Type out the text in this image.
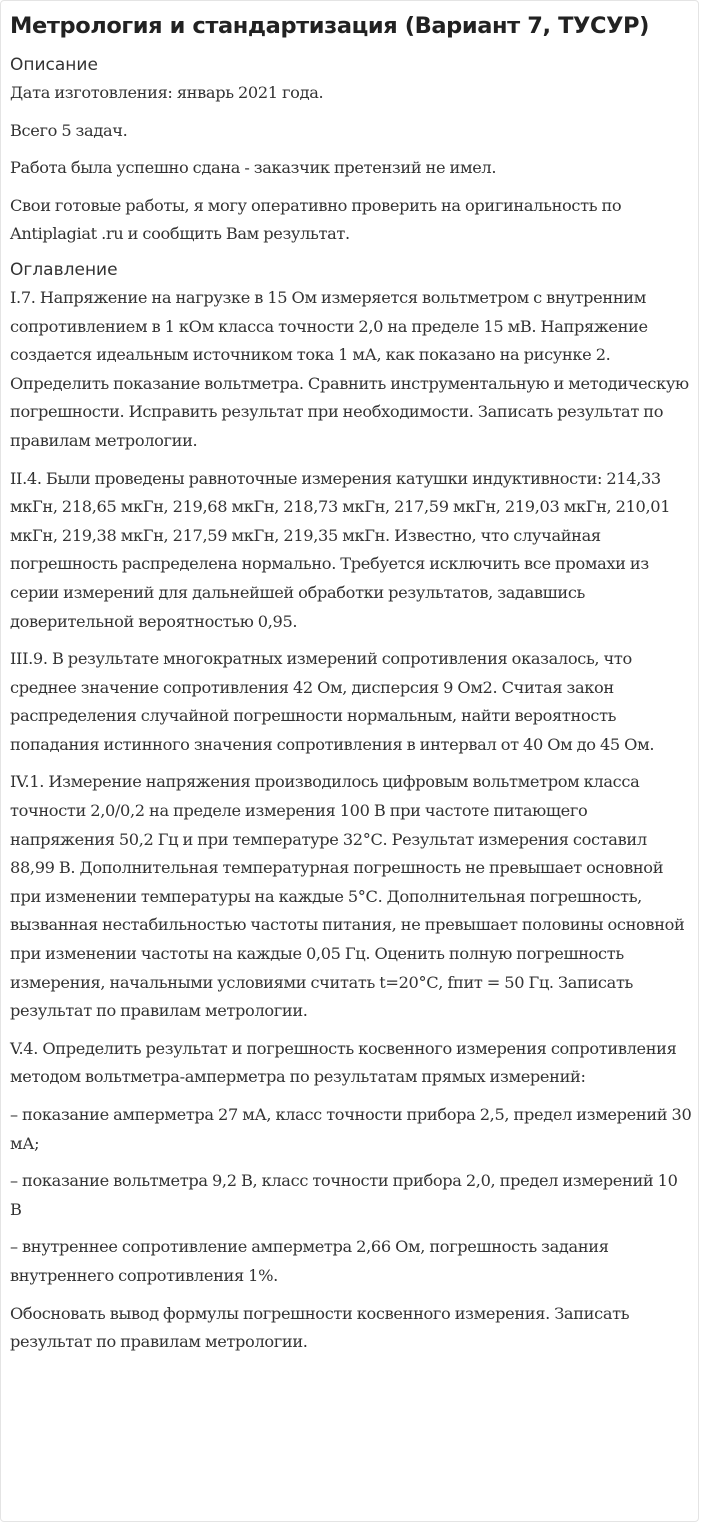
Метрология и стандартизация (Вариант 7, ТУСУР)
Описание

Дата изготовления: январь 2021 года.

Всего 5 задач.

Работа была успешно сдана - заказчик претензий не имел.

Свои готовые работы, я могу оперативно проверить на оригинальность по Antiplagiat .ru и сообщить Вам результат.

Оглавление

I.7. Напряжение на нагрузке в 15 Ом измеряется вольтметром с внутренним сопротивлением в 1 кОм класса точности 2,0 на пределе 15 мВ. Напряжение создается идеальным источником тока 1 мА, как показано на рисунке 2. Определить показание вольтметра. Сравнить инструментальную и методическую погрешности. Исправить результат при необходимости. Записать результат по правилам метрологии.

II.4. Были проведены равноточные измерения катушки индуктивности: 214,33 мкГн, 218,65 мкГн, 219,68 мкГн, 218,73 мкГн, 217,59 мкГн, 219,03 мкГн, 210,01 мкГн, 219,38 мкГн, 217,59 мкГн, 219,35 мкГн. Известно, что случайная погрешность распределена нормально. Требуется исключить все промахи из серии измерений для дальнейшей обработки результатов, задавшись доверительной вероятностью 0,95.

III.9. В результате многократных измерений сопротивления оказалось, что среднее значение сопротивления 42 Ом, дисперсия 9 Ом2. Считая закон распределения случайной погрешности нормальным, найти вероятность попадания истинного значения сопротивления в интервал от 40 Ом до 45 Ом.

IV.1. Измерение напряжения производилось цифровым вольтметром класса точности 2,0/0,2 на пределе измерения 100 В при частоте питающего напряжения 50,2 Гц и при температуре 32°С. Результат измерения составил 88,99 В. Дополнительная температурная погрешность не превышает основной при изменении температуры на каждые 5°С. Дополнительная погрешность, вызванная нестабильностью частоты питания, не превышает половины основной при изменении частоты на каждые 0,05 Гц. Оценить полную погрешность измерения, начальными условиями считать t=20°С, fпит = 50 Гц. Записать результат по правилам метрологии.

V.4. Определить результат и погрешность косвенного измерения сопротивления методом вольтметра-амперметра по результатам прямых измерений:

– показание амперметра 27 мА, класс точности прибора 2,5, предел измерений 30 мА;

– показание вольтметра 9,2 В, класс точности прибора 2,0, предел измерений 10 В

– внутреннее сопротивление амперметра 2,66 Ом, погрешность задания внутреннего сопротивления 1%.

Обосновать вывод формулы погрешности косвенного измерения. Записать результат по правилам метрологии.
